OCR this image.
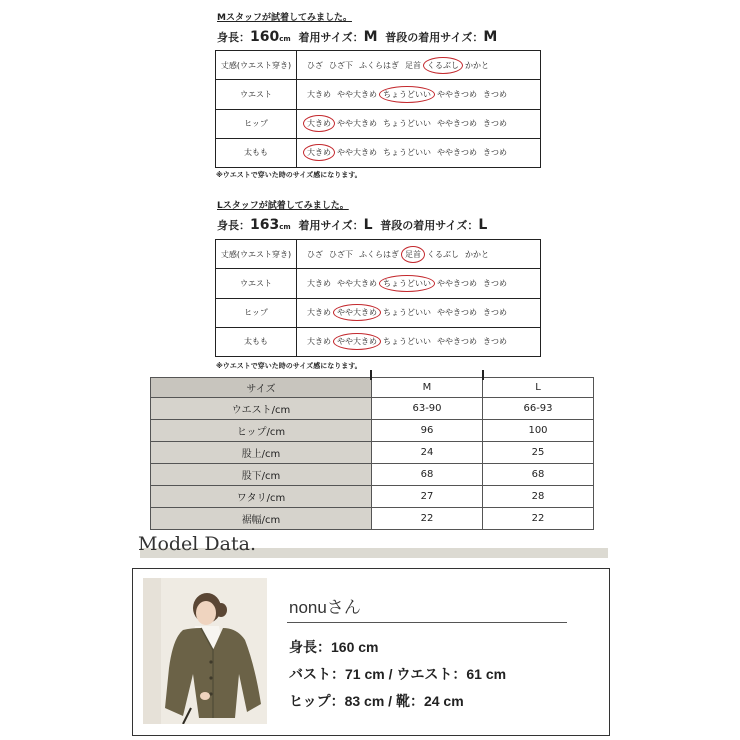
Mスタッフが試着してみました。
身長：160cm 着用サイズ：M 普段の着用サイズ：M
丈感(ウエスト穿き)	ひざ ひざ下 ふくらはぎ 足首 くるぶし かかと
ウエスト	大きめ やや大きめ ちょうどいい ややきつめ きつめ
ヒップ	大きめ やや大きめ ちょうどいい ややきつめ きつめ
太もも	大きめ やや大きめ ちょうどいい ややきつめ きつめ
※ウエストで穿いた時のサイズ感になります。
Lスタッフが試着してみました。
身長：163cm 着用サイズ：L 普段の着用サイズ：L
丈感(ウエスト穿き)	ひざ ひざ下 ふくらはぎ 足首 くるぶし かかと
ウエスト	大きめ やや大きめ ちょうどいい ややきつめ きつめ
ヒップ	大きめ やや大きめ ちょうどいい ややきつめ きつめ
太もも	大きめ やや大きめ ちょうどいい ややきつめ きつめ
※ウエストで穿いた時のサイズ感になります。
サイズ	M	L
ウエスト/cm	63-90	66-93
ヒップ/cm	96	100
股上/cm	24	25
股下/cm	68	68
ワタリ/cm	27	28
裾幅/cm	22	22
Model Data.
nonuさん
身長：160 cm
バスト：71 cm / ウエスト：61 cm
ヒップ：83 cm / 靴：24 cm
